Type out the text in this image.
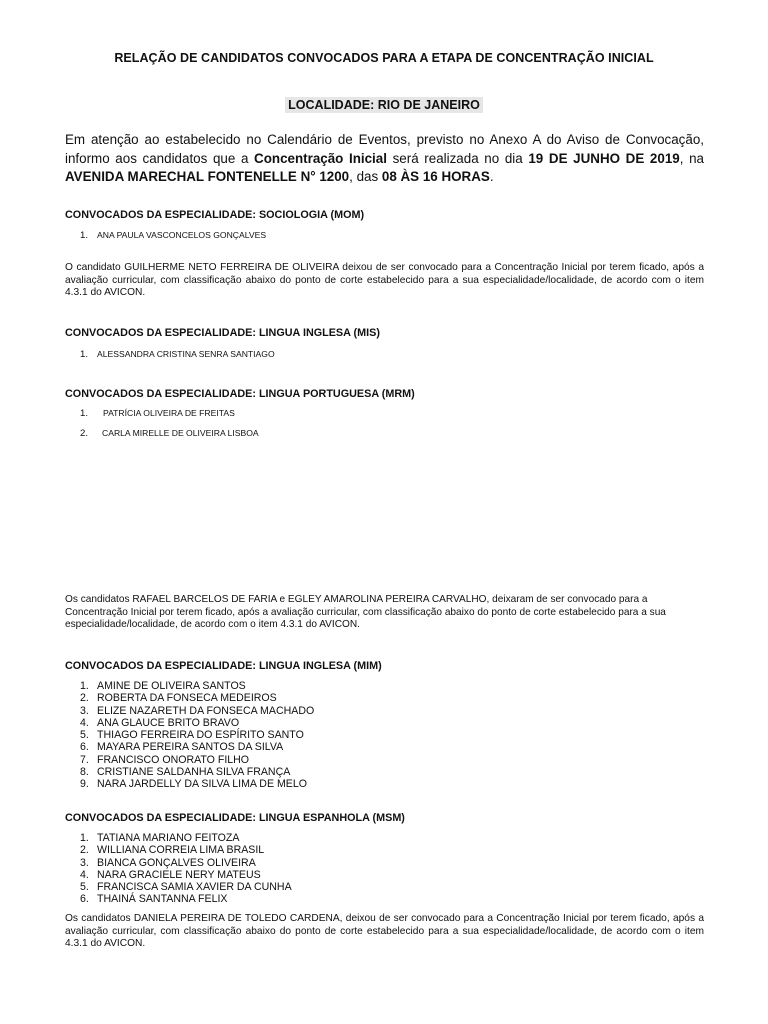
RELAÇÃO DE CANDIDATOS CONVOCADOS PARA A ETAPA DE CONCENTRAÇÃO INICIAL
LOCALIDADE: RIO DE JANEIRO
Em atenção ao estabelecido no Calendário de Eventos, previsto no Anexo A do Aviso de Convocação, informo aos candidatos que a Concentração Inicial será realizada no dia 19 DE JUNHO DE 2019, na AVENIDA MARECHAL FONTENELLE N° 1200, das 08 ÀS 16 HORAS.
CONVOCADOS DA ESPECIALIDADE: SOCIOLOGIA (MOM)
1. ANA PAULA VASCONCELOS GONÇALVES
O candidato GUILHERME NETO FERREIRA DE OLIVEIRA deixou de ser convocado para a Concentração Inicial por terem ficado, após a avaliação curricular, com classificação abaixo do ponto de corte estabelecido para a sua especialidade/localidade, de acordo com o item 4.3.1 do AVICON.
CONVOCADOS DA ESPECIALIDADE: LINGUA INGLESA (MIS)
1. ALESSANDRA CRISTINA SENRA SANTIAGO
CONVOCADOS DA ESPECIALIDADE: LINGUA PORTUGUESA (MRM)
1. PATRÍCIA OLIVEIRA DE FREITAS
2. CARLA MIRELLE DE OLIVEIRA LISBOA
Os candidatos RAFAEL BARCELOS DE FARIA e EGLEY AMAROLINA PEREIRA CARVALHO, deixaram de ser convocado para a Concentração Inicial por terem ficado, após a avaliação curricular, com classificação abaixo do ponto de corte estabelecido para a sua especialidade/localidade, de acordo com o item 4.3.1 do AVICON.
CONVOCADOS DA ESPECIALIDADE: LINGUA INGLESA (MIM)
1. AMINE DE OLIVEIRA SANTOS
2. ROBERTA DA FONSECA MEDEIROS
3. ELIZE NAZARETH DA FONSECA MACHADO
4. ANA GLAUCE BRITO BRAVO
5. THIAGO FERREIRA DO ESPÍRITO SANTO
6. MAYARA PEREIRA SANTOS DA SILVA
7. FRANCISCO ONORATO FILHO
8. CRISTIANE SALDANHA SILVA FRANÇA
9. NARA JARDELLY DA SILVA LIMA DE MELO
CONVOCADOS DA ESPECIALIDADE: LINGUA ESPANHOLA (MSM)
1. TATIANA MARIANO FEITOZA
2. WILLIANA CORREIA LIMA BRASIL
3. BIANCA GONÇALVES OLIVEIRA
4. NARA GRACIELE NERY MATEUS
5. FRANCISCA SAMIA XAVIER DA CUNHA
6. THAINÁ SANTANNA FELIX
Os candidatos DANIELA PEREIRA DE TOLEDO CARDENA, deixou de ser convocado para a Concentração Inicial por terem ficado, após a avaliação curricular, com classificação abaixo do ponto de corte estabelecido para a sua especialidade/localidade, de acordo com o item 4.3.1 do AVICON.
